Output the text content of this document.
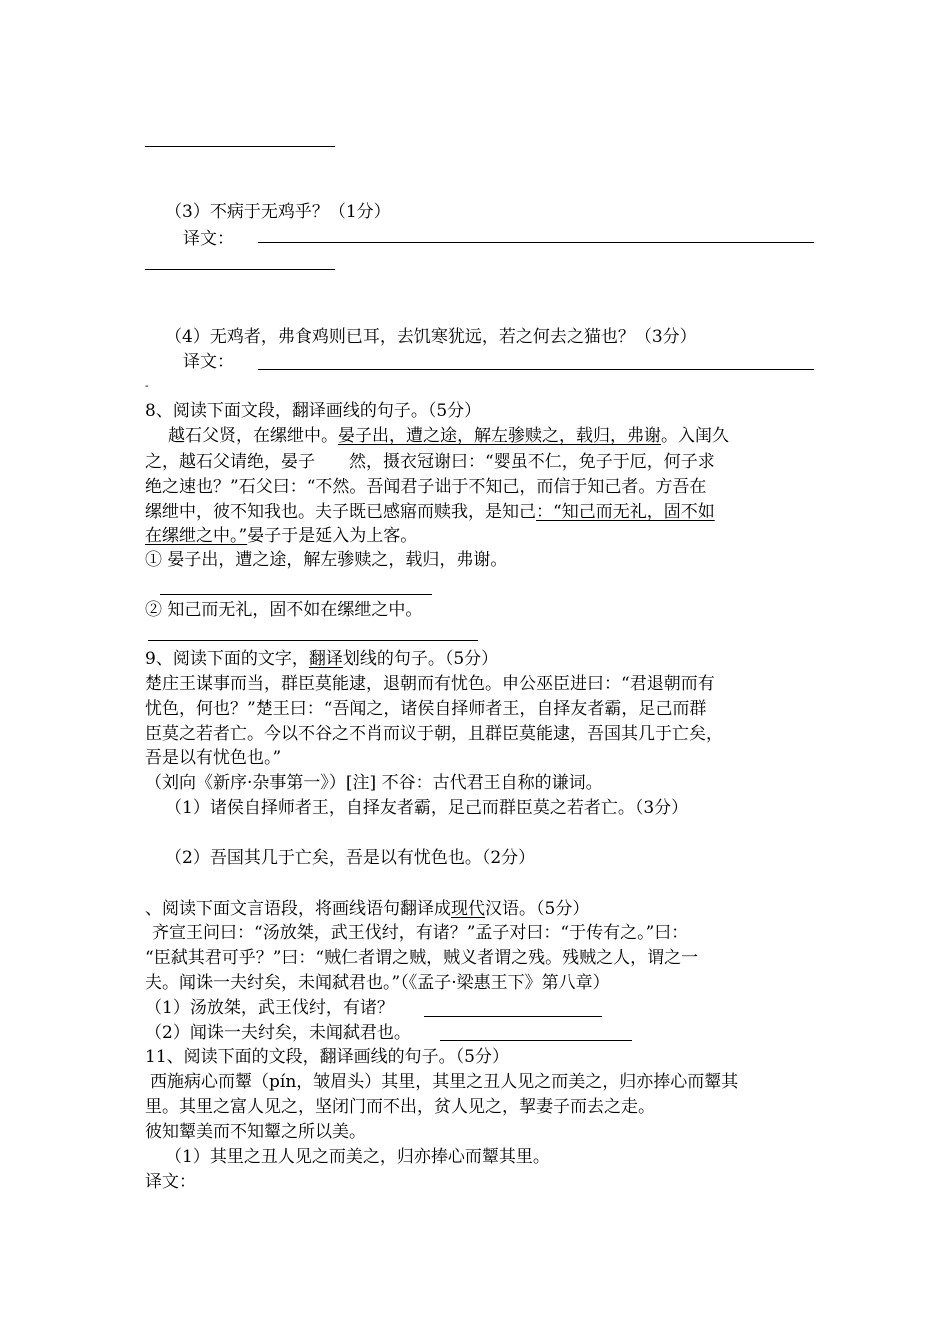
（3）不病于无鸡乎？（1分）
译文：
（4）无鸡者，弗食鸡则已耳，去饥寒犹远，若之何去之猫也？（3分）
译文：
-
8、阅读下面文段，翻译画线的句子。（5分）
越石父贤，在缧绁中。晏子出，遭之途，解左骖赎之，载归，弗谢。入闺久
之，越石父请绝，晏子　　然，摄衣冠谢曰：“婴虽不仁，免子于厄，何子求
绝之速也？”石父曰：“不然。吾闻君子诎于不知己，而信于知己者。方吾在
缧绁中，彼不知我也。夫子既已感寤而赎我，是知己：“知己而无礼，固不如
在缧绁之中。”晏子于是延入为上客。
① 晏子出，遭之途，解左骖赎之，载归，弗谢。
② 知己而无礼，固不如在缧绁之中。
9、阅读下面的文字，翻译划线的句子。（5分）
楚庄王谋事而当，群臣莫能逮，退朝而有忧色。申公巫臣进曰：“君退朝而有
忧色，何也？”楚王曰：“吾闻之，诸侯自择师者王，自择友者霸，足己而群
臣莫之若者亡。今以不谷之不肖而议于朝，且群臣莫能逮，吾国其几于亡矣，
吾是以有忧色也。”
（刘向《新序·杂事第一》）[注] 不谷：古代君王自称的谦词。
（1）诸侯自择师者王，自择友者霸，足己而群臣莫之若者亡。（3分）
（2）吾国其几于亡矣，吾是以有忧色也。（2分）
、阅读下面文言语段，将画线语句翻译成现代汉语。（5分）
齐宣王问曰：“汤放桀，武王伐纣，有诸？”孟子对曰：“于传有之。”曰：
“臣弑其君可乎？”曰：“贼仁者谓之贼，贼义者谓之残。残贼之人，谓之一
夫。闻诛一夫纣矣，未闻弑君也。”（《孟子·梁惠王下》第八章）
（1）汤放桀，武王伐纣，有诸？
（2）闻诛一夫纣矣，未闻弑君也。
11、阅读下面的文段，翻译画线的句子。（5分）
西施病心而颦（pín，皱眉头）其里，其里之丑人见之而美之，归亦捧心而颦其
里。其里之富人见之，坚闭门而不出，贫人见之，挈妻子而去之走。
彼知颦美而不知颦之所以美。
（1）其里之丑人见之而美之，归亦捧心而颦其里。
译文：
